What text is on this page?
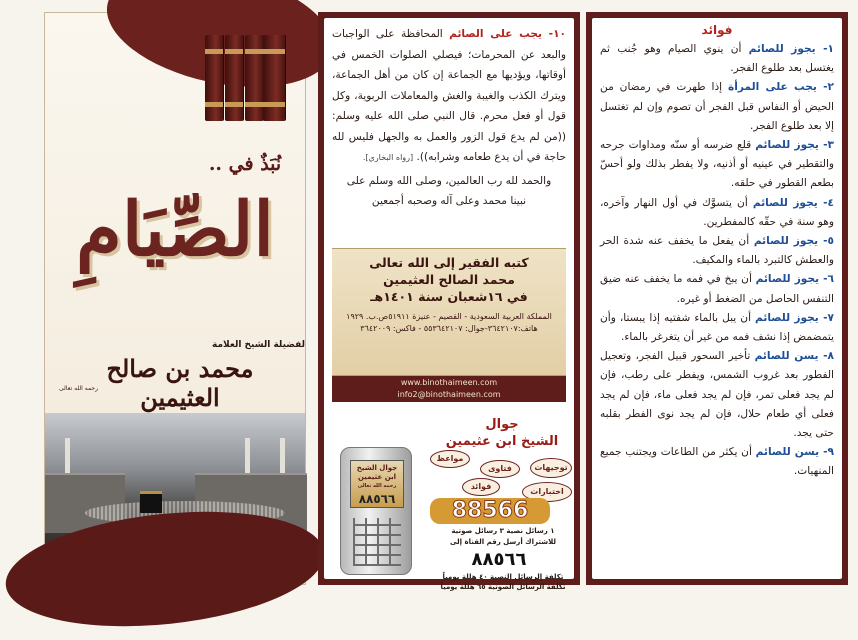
نُبَذٌ في ..
الصِّيَامِ
لفضيلة الشيخ العلامة
محمد بن صالح العثيمين
رحمه الله تعالى

١٠- يجب على الصائم المحافظة على الواجبات والبعد عن المحرمات؛ فيصلي الصلوات الخمس في أوقاتها، ويؤديها مع الجماعة إن كان من أهل الجماعة، ويترك الكذب والغيبة والغش والمعاملات الربوية، وكل قول أو فعل محرم. قال النبي صلى الله عليه وسلم: ((من لم يدع قول الزور والعمل به والجهل فليس لله حاجة في أن يدع طعامه وشرابه)). [رواه البخاري].

والحمد لله رب العالمين، وصلى الله وسلم على
نبينا محمد وعلى آله وصحبه أجمعين
كتبه الفقير إلى الله تعالى
محمد الصالح العثيمين
في ١٦شعبان سنة ١٤٠١هـ
المملكة العربية السعودية - القصيم - عنيزة ٥١٩١١ص.ب. ١٩٢٩
هاتف:٣٦٤٢١٠٧-جوال: ٥٥٣٦٤٢١٠٧ - فاكس: ٣٦٤٢٠٠٩
www.binothaimeen.com
info2@binothaimeen.com
جوال
الشيخ ابن عثيمين
توجيهات
فتاوى
مواعظ
اختبارات
فوائد
جوال الشيخ
ابن عثيمين
رحمه الله تعالى
٨٨٥٦٦	88566
١ رسائل نصية ٣ رسائل صوتية
للاشتراك أرسل رقم القناة إلى
٨٨٥٦٦
تكلفة الرسائل النصية ٤٠ هللة يومياً
تكلفة الرسائل الصوتية ٦٥ هللة يومياً
فوائد

١- يجوز للصائم أن ينوي الصيام وهو جُنب ثم يغتسل بعد طلوع الفجر.

٢- يجب على المرأة إذا طهرت في رمضان من الحيض أو النفاس قبل الفجر أن تصوم وإن لم تغتسل إلا بعد طلوع الفجر.

٣- يجوز للصائم قلع ضرسه أو سنّه ومداوات جرحه والتقطير في عينيه أو أذنيه، ولا يفطر بذلك ولو أحسّ بطعم القطور في حلقه.

٤- يجوز للصائم أن يتسوَّك في أول النهار وآخره، وهو سنة في حقّه كالمفطرين.

٥- يجوز للصائم أن يفعل ما يخفف عنه شدة الحر والعطش كالتبرد بالماء والمكيف.

٦- يجوز للصائم أن يبخ في فمه ما يخفف عنه ضيق التنفس الحاصل من الضغط أو غيره.

٧- يجوز للصائم أن يبل بالماء شفتيه إذا يبستا، وأن يتمضمض إذا نشف فمه من غير أن يتغرغر بالماء.

٨- يسن للصائم تأخير السحور قبيل الفجر، وتعجيل الفطور بعد غروب الشمس، ويفطر على رطب، فإن لم يجد فعلى تمر، فإن لم يجد فعلى ماء، فإن لم يجد فعلى أي طعام حلال، فإن لم يجد نوى الفطر بقلبه حتى يجد.

٩- يسن للصائم أن يكثر من الطاعات ويجتنب جميع المنهيات.
